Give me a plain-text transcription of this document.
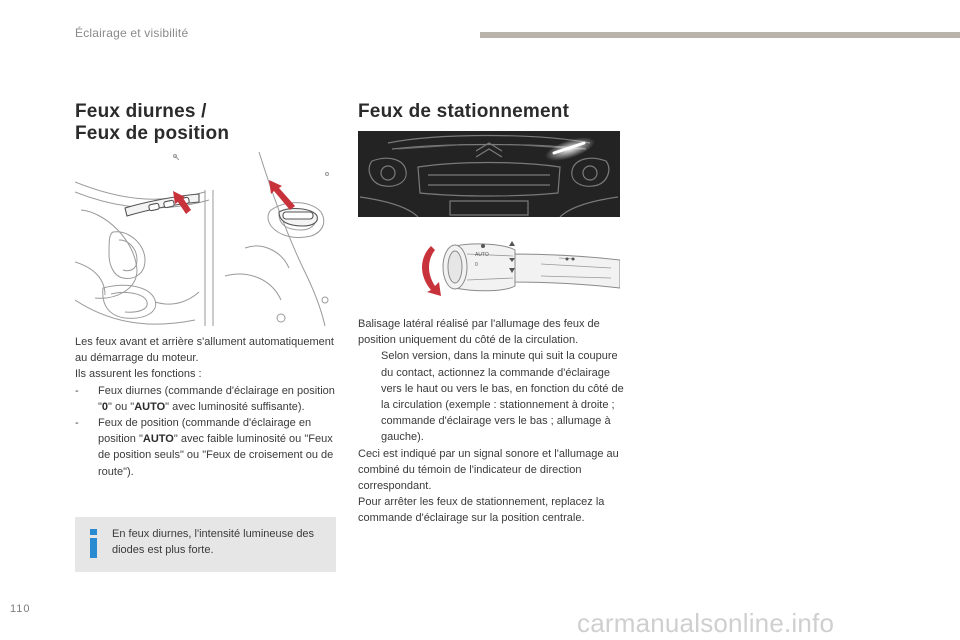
Éclairage et visibilité
Feux diurnes /
Feux de position

Les feux avant et arrière s'allument automatiquement au démarrage du moteur.

Ils assurent les fonctions :

- Feux diurnes (commande d'éclairage en position "0" ou "AUTO" avec luminosité suffisante).

- Feux de position (commande d'éclairage en position "AUTO" avec faible luminosité ou "Feux de position seuls" ou "Feux de croisement ou de route").

En feux diurnes, l'intensité lumineuse des diodes est plus forte.
Feux de stationnement
AUTO
0

Balisage latéral réalisé par l'allumage des feux de position uniquement du côté de la circulation.

Selon version, dans la minute qui suit la coupure du contact, actionnez la commande d'éclairage vers le haut ou vers le bas, en fonction du côté de la circulation (exemple : stationnement à droite ; commande d'éclairage vers le bas ; allumage à gauche).

Ceci est indiqué par un signal sonore et l'allumage au combiné du témoin de l'indicateur de direction correspondant.

Pour arrêter les feux de stationnement, replacez la commande d'éclairage sur la position centrale.

110	carmanualsonline.info
